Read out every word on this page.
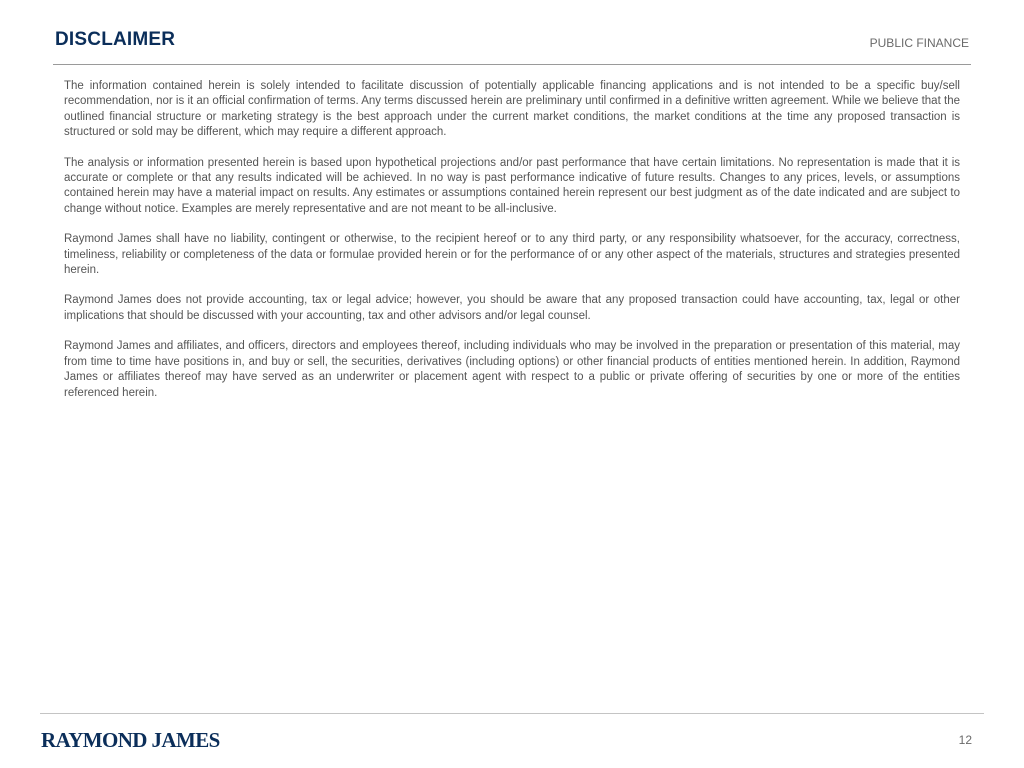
DISCLAIMER	PUBLIC FINANCE

The information contained herein is solely intended to facilitate discussion of potentially applicable financing applications and is not intended to be a specific buy/sell recommendation, nor is it an official confirmation of terms. Any terms discussed herein are preliminary until confirmed in a definitive written agreement. While we believe that the outlined financial structure or marketing strategy is the best approach under the current market conditions, the market conditions at the time any proposed transaction is structured or sold may be different, which may require a different approach.

The analysis or information presented herein is based upon hypothetical projections and/or past performance that have certain limitations. No representation is made that it is accurate or complete or that any results indicated will be achieved. In no way is past performance indicative of future results. Changes to any prices, levels, or assumptions contained herein may have a material impact on results. Any estimates or assumptions contained herein represent our best judgment as of the date indicated and are subject to change without notice. Examples are merely representative and are not meant to be all-inclusive.

Raymond James shall have no liability, contingent or otherwise, to the recipient hereof or to any third party, or any responsibility whatsoever, for the accuracy, correctness, timeliness, reliability or completeness of the data or formulae provided herein or for the performance of or any other aspect of the materials, structures and strategies presented herein.

Raymond James does not provide accounting, tax or legal advice; however, you should be aware that any proposed transaction could have accounting, tax, legal or other implications that should be discussed with your accounting, tax and other advisors and/or legal counsel.

Raymond James and affiliates, and officers, directors and employees thereof, including individuals who may be involved in the preparation or presentation of this material, may from time to time have positions in, and buy or sell, the securities, derivatives (including options) or other financial products of entities mentioned herein. In addition, Raymond James or affiliates thereof may have served as an underwriter or placement agent with respect to a public or private offering of securities by one or more of the entities referenced herein.

RAYMOND JAMES	12
